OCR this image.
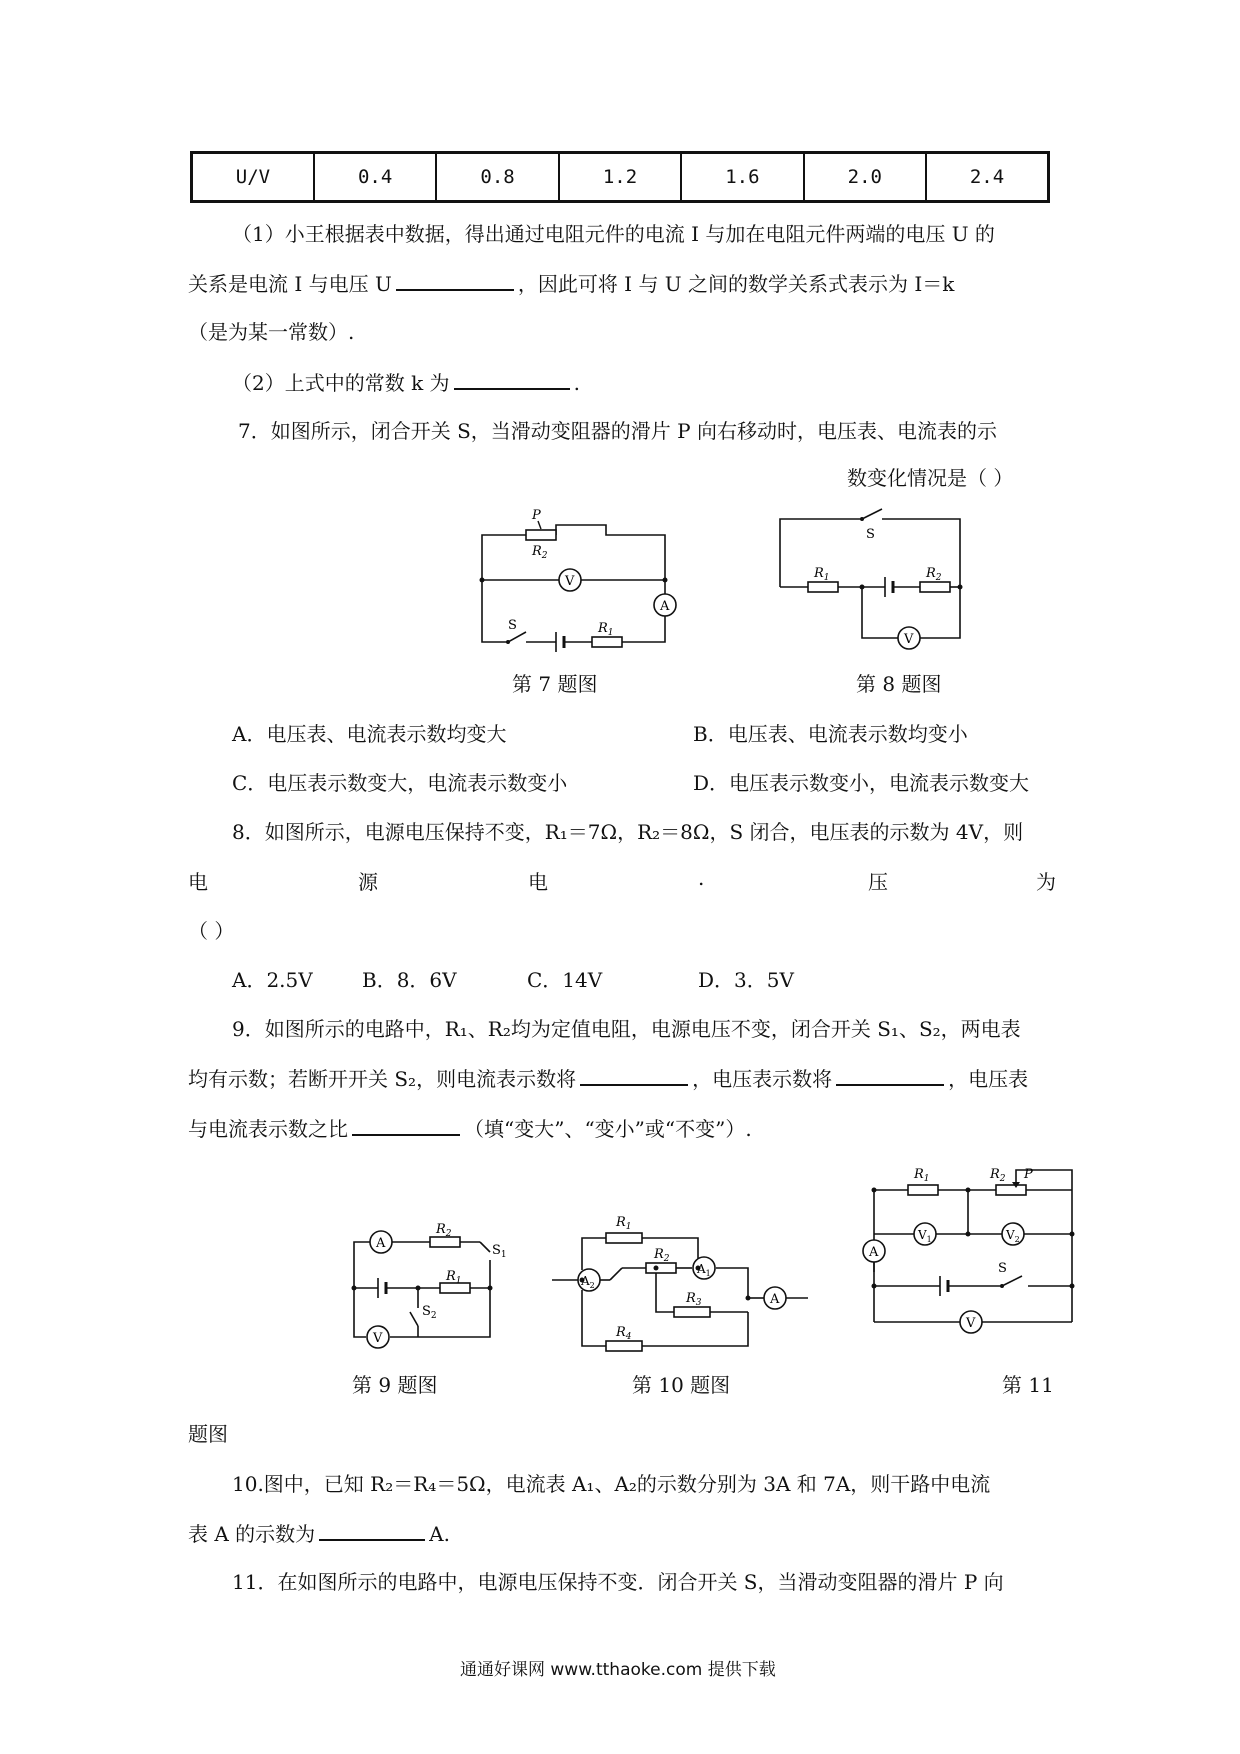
U/V	0.4	0.8	1.2	1.6	2.0	2.4
（1）小王根据表中数据，得出通过电阻元件的电流 I 与加在电阻元件两端的电压 U 的
关系是电流 I 与电压 U	，因此可将 I 与 U 之间的数学关系式表示为 I＝k
（是为某一常数）.
（2）上式中的常数 k 为	.
7．如图所示，闭合开关 S，当滑动变阻器的滑片 P 向右移动时，电压表、电流表的示
数变化情况是（ ）
P
$R_2$
V
A
S	$R_1$
第 7 题图
S
$R_1$	$R_2$
V
第 8 题图
A．电压表、电流表示数均变大	B．电压表、电流表示数均变小
C．电压表示数变大，电流表示数变小	D．电压表示数变小，电流表示数变大
8．如图所示，电源电压保持不变，R₁＝7Ω，R₂＝8Ω，S 闭合，电压表的示数为 4V，则
电	源	电	.	压	为
（ ）
A．2.5V B．8．6V	C．14V	D．3．5V
9．如图所示的电路中，R₁、R₂均为定值电阻，电源电压不变，闭合开关 S₁、S₂，两电表
均有示数；若断开开关 S₂，则电流表示数将	，电压表示数将	，电压表
与电流表示数之比	（填“变大”、“变小”或“不变”）.
A
V
$R_2$
$R_1$
$S_1$
$S_2$
$R_1$
$R_2$
$R_3$
$R_4$
$A_2$
$A_1$
A
$R_1$	$R_2$ P
$V_1$	$V_2$
A
V
S
第 9 题图	第 10 题图	第 11
题图
10.图中，已知 R₂＝R₄＝5Ω，电流表 A₁、A₂的示数分别为 3A 和 7A，则干路中电流
表 A 的示数为	A.
11．在如图所示的电路中，电源电压保持不变．闭合开关 S，当滑动变阻器的滑片 P 向
通通好课网 www.tthaoke.com 提供下载
